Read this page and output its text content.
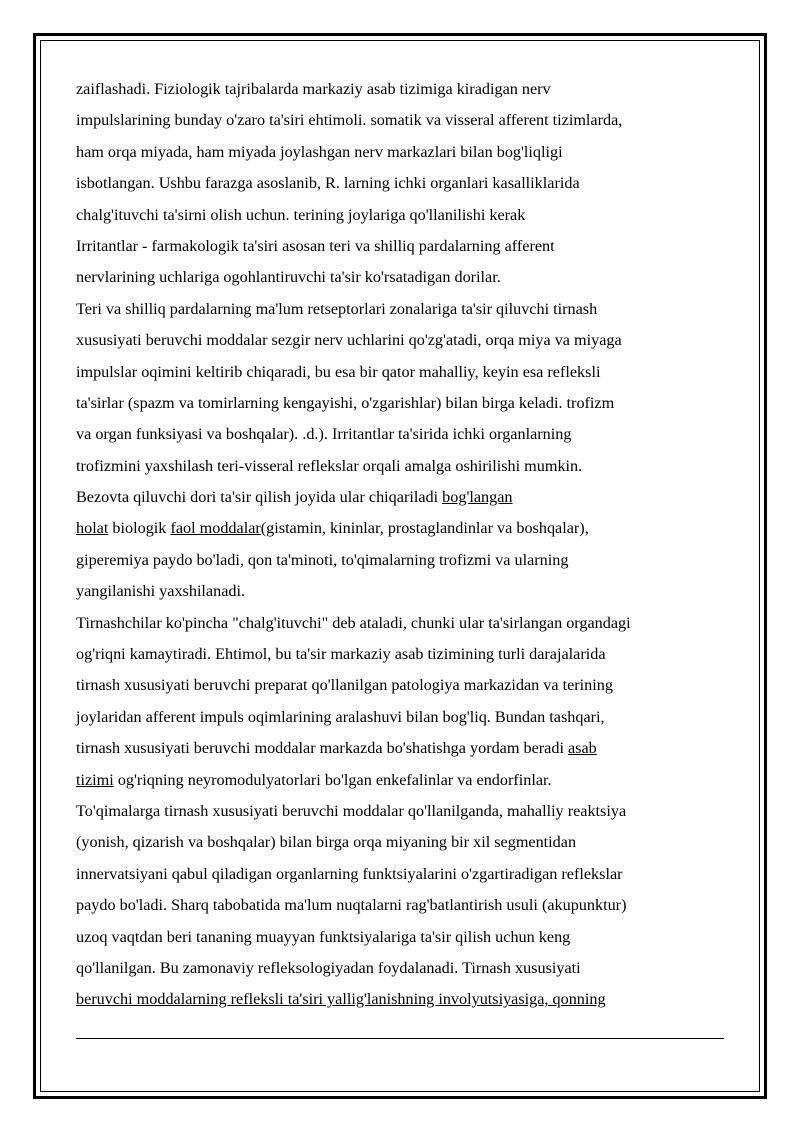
zaiflashadi. Fiziologik tajribalarda markaziy asab tizimiga kiradigan nerv
impulslarining bunday o'zaro ta'siri ehtimoli. somatik va visseral afferent tizimlarda,
ham orqa miyada, ham miyada joylashgan nerv markazlari bilan bog'liqligi
isbotlangan. Ushbu farazga asoslanib, R. larning ichki organlari kasalliklarida
chalg'ituvchi ta'sirni olish uchun. terining joylariga qo'llanilishi kerak
Irritantlar - farmakologik ta'siri asosan teri va shilliq pardalarning afferent
nervlarining uchlariga ogohlantiruvchi ta'sir ko'rsatadigan dorilar.
Teri va shilliq pardalarning ma'lum retseptorlari zonalariga ta'sir qiluvchi tirnash
xususiyati beruvchi moddalar sezgir nerv uchlarini qo'zg'atadi, orqa miya va miyaga
impulslar oqimini keltirib chiqaradi, bu esa bir qator mahalliy, keyin esa refleksli
ta'sirlar (spazm va tomirlarning kengayishi, o'zgarishlar) bilan birga keladi. trofizm
va organ funksiyasi va boshqalar). .d.). Irritantlar ta'sirida ichki organlarning
trofizmini yaxshilash teri-visseral reflekslar orqali amalga oshirilishi mumkin.
Bezovta qiluvchi dori ta'sir qilish joyida ular chiqariladi bog'langan
holat biologik faol moddalar(gistamin, kininlar, prostaglandinlar va boshqalar),
giperemiya paydo bo'ladi, qon ta'minoti, to'qimalarning trofizmi va ularning
yangilanishi yaxshilanadi.
Tirnashchilar ko'pincha "chalg'ituvchi" deb ataladi, chunki ular ta'sirlangan organdagi
og'riqni kamaytiradi. Ehtimol, bu ta'sir markaziy asab tizimining turli darajalarida
tirnash xususiyati beruvchi preparat qo'llanilgan patologiya markazidan va terining
joylaridan afferent impuls oqimlarining aralashuvi bilan bog'liq. Bundan tashqari,
tirnash xususiyati beruvchi moddalar markazda bo'shatishga yordam beradi asab
tizimi og'riqning neyromodulyatorlari bo'lgan enkefalinlar va endorfinlar.
To'qimalarga tirnash xususiyati beruvchi moddalar qo'llanilganda, mahalliy reaktsiya
(yonish, qizarish va boshqalar) bilan birga orqa miyaning bir xil segmentidan
innervatsiyani qabul qiladigan organlarning funktsiyalarini o'zgartiradigan reflekslar
paydo bo'ladi. Sharq tabobatida ma'lum nuqtalarni rag'batlantirish usuli (akupunktur)
uzoq vaqtdan beri tananing muayyan funktsiyalariga ta'sir qilish uchun keng
qo'llanilgan. Bu zamonaviy refleksologiyadan foydalanadi. Tirnash xususiyati
beruvchi moddalarning refleksli ta'siri yallig'lanishning involyutsiyasiga, qonning
